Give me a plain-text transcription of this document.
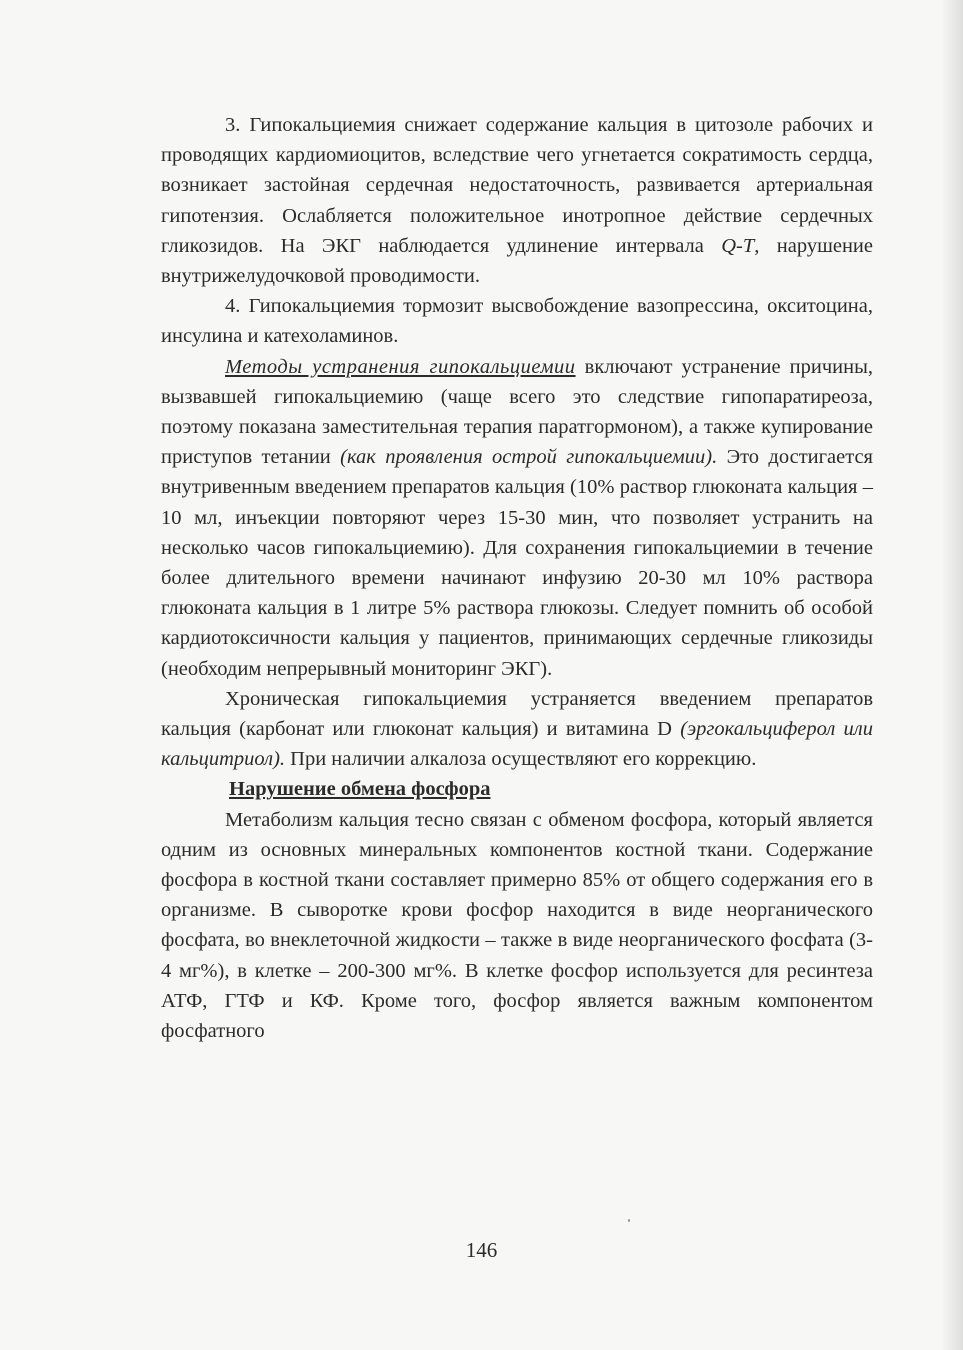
3. Гипокальциемия снижает содержание кальция в цитозоле рабочих и проводящих кардиомиоцитов, вследствие чего угнетается сократимость сердца, возникает застойная сердечная недостаточность, развивается артериальная гипотензия. Ослабляется положительное инотропное действие сердечных гликозидов. На ЭКГ наблюдается удлинение интервала Q-T, нарушение внутрижелудочковой проводимости.

4. Гипокальциемия тормозит высвобождение вазопрессина, окситоцина, инсулина и катехоламинов.

Методы устранения гипокальциемии включают устранение причины, вызвавшей гипокальциемию (чаще всего это следствие гипопаратиреоза, поэтому показана заместительная терапия паратгормоном), а также купирование приступов тетании (как проявления острой гипокальциемии). Это достигается внутривенным введением препаратов кальция (10% раствор глюконата кальция – 10 мл, инъекции повторяют через 15-30 мин, что позволяет устранить на несколько часов гипокальциемию). Для сохранения гипокальциемии в течение более длительного времени начинают инфузию 20-30 мл 10% раствора глюконата кальция в 1 литре 5% раствора глюкозы. Следует помнить об особой кардиотоксичности кальция у пациентов, принимающих сердечные гликозиды (необходим непрерывный мониторинг ЭКГ).

Хроническая гипокальциемия устраняется введением препаратов кальция (карбонат или глюконат кальция) и витамина D (эргокальциферол или кальцитриол). При наличии алкалоза осуществляют его коррекцию.

Нарушение обмена фосфора

Метаболизм кальция тесно связан с обменом фосфора, который является одним из основных минеральных компонентов костной ткани. Содержание фосфора в костной ткани составляет примерно 85% от общего содержания его в организме. В сыворотке крови фосфор находится в виде неорганического фосфата, во внеклеточной жидкости – также в виде неорганического фосфата (3-4 мг%), в клетке – 200-300 мг%. В клетке фосфор используется для ресинтеза АТФ, ГТФ и КФ. Кроме того, фосфор является важным компонентом фосфатного

146
